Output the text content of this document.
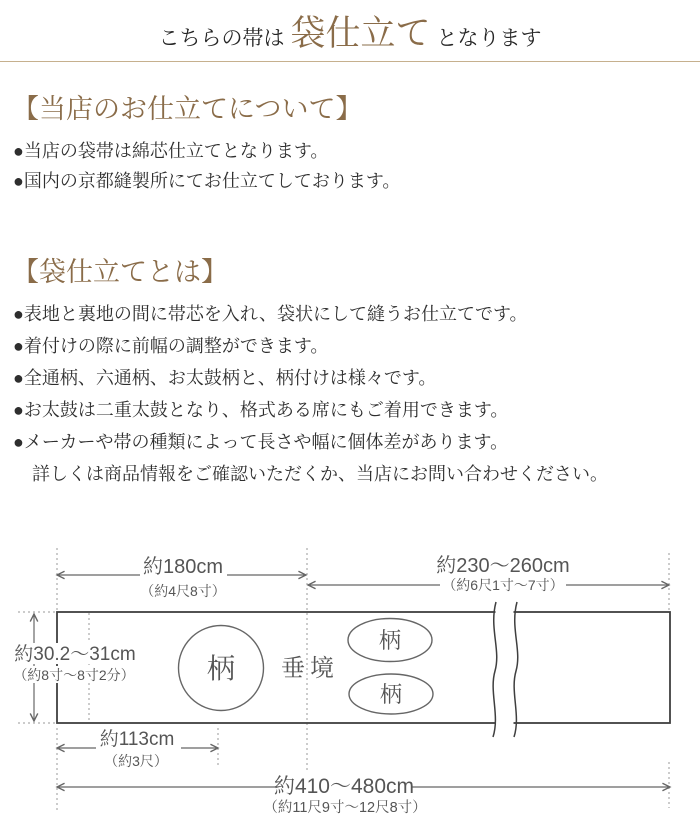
こちらの帯は 袋仕立て となります
【当店のお仕立てについて】
●当店の袋帯は綿芯仕立てとなります。
●国内の京都縫製所にてお仕立てしております。
【袋仕立てとは】
●表地と裏地の間に帯芯を入れ、袋状にして縫うお仕立てです。
●着付けの際に前幅の調整ができます。
●全通柄、六通柄、お太鼓柄と、柄付けは様々です。
●お太鼓は二重太鼓となり、格式ある席にもご着用できます。
●メーカーや帯の種類によって長さや幅に個体差があります。
詳しくは商品情報をご確認いただくか、当店にお問い合わせください。
約180cm
（約4尺8寸）
約230〜260cm
（約6尺1寸〜7寸）
約30.2〜31cm
（約8寸〜8寸2分）
約113cm
（約3尺）
約410〜480cm
（約11尺9寸〜12尺8寸）
柄
柄
柄
垂境
